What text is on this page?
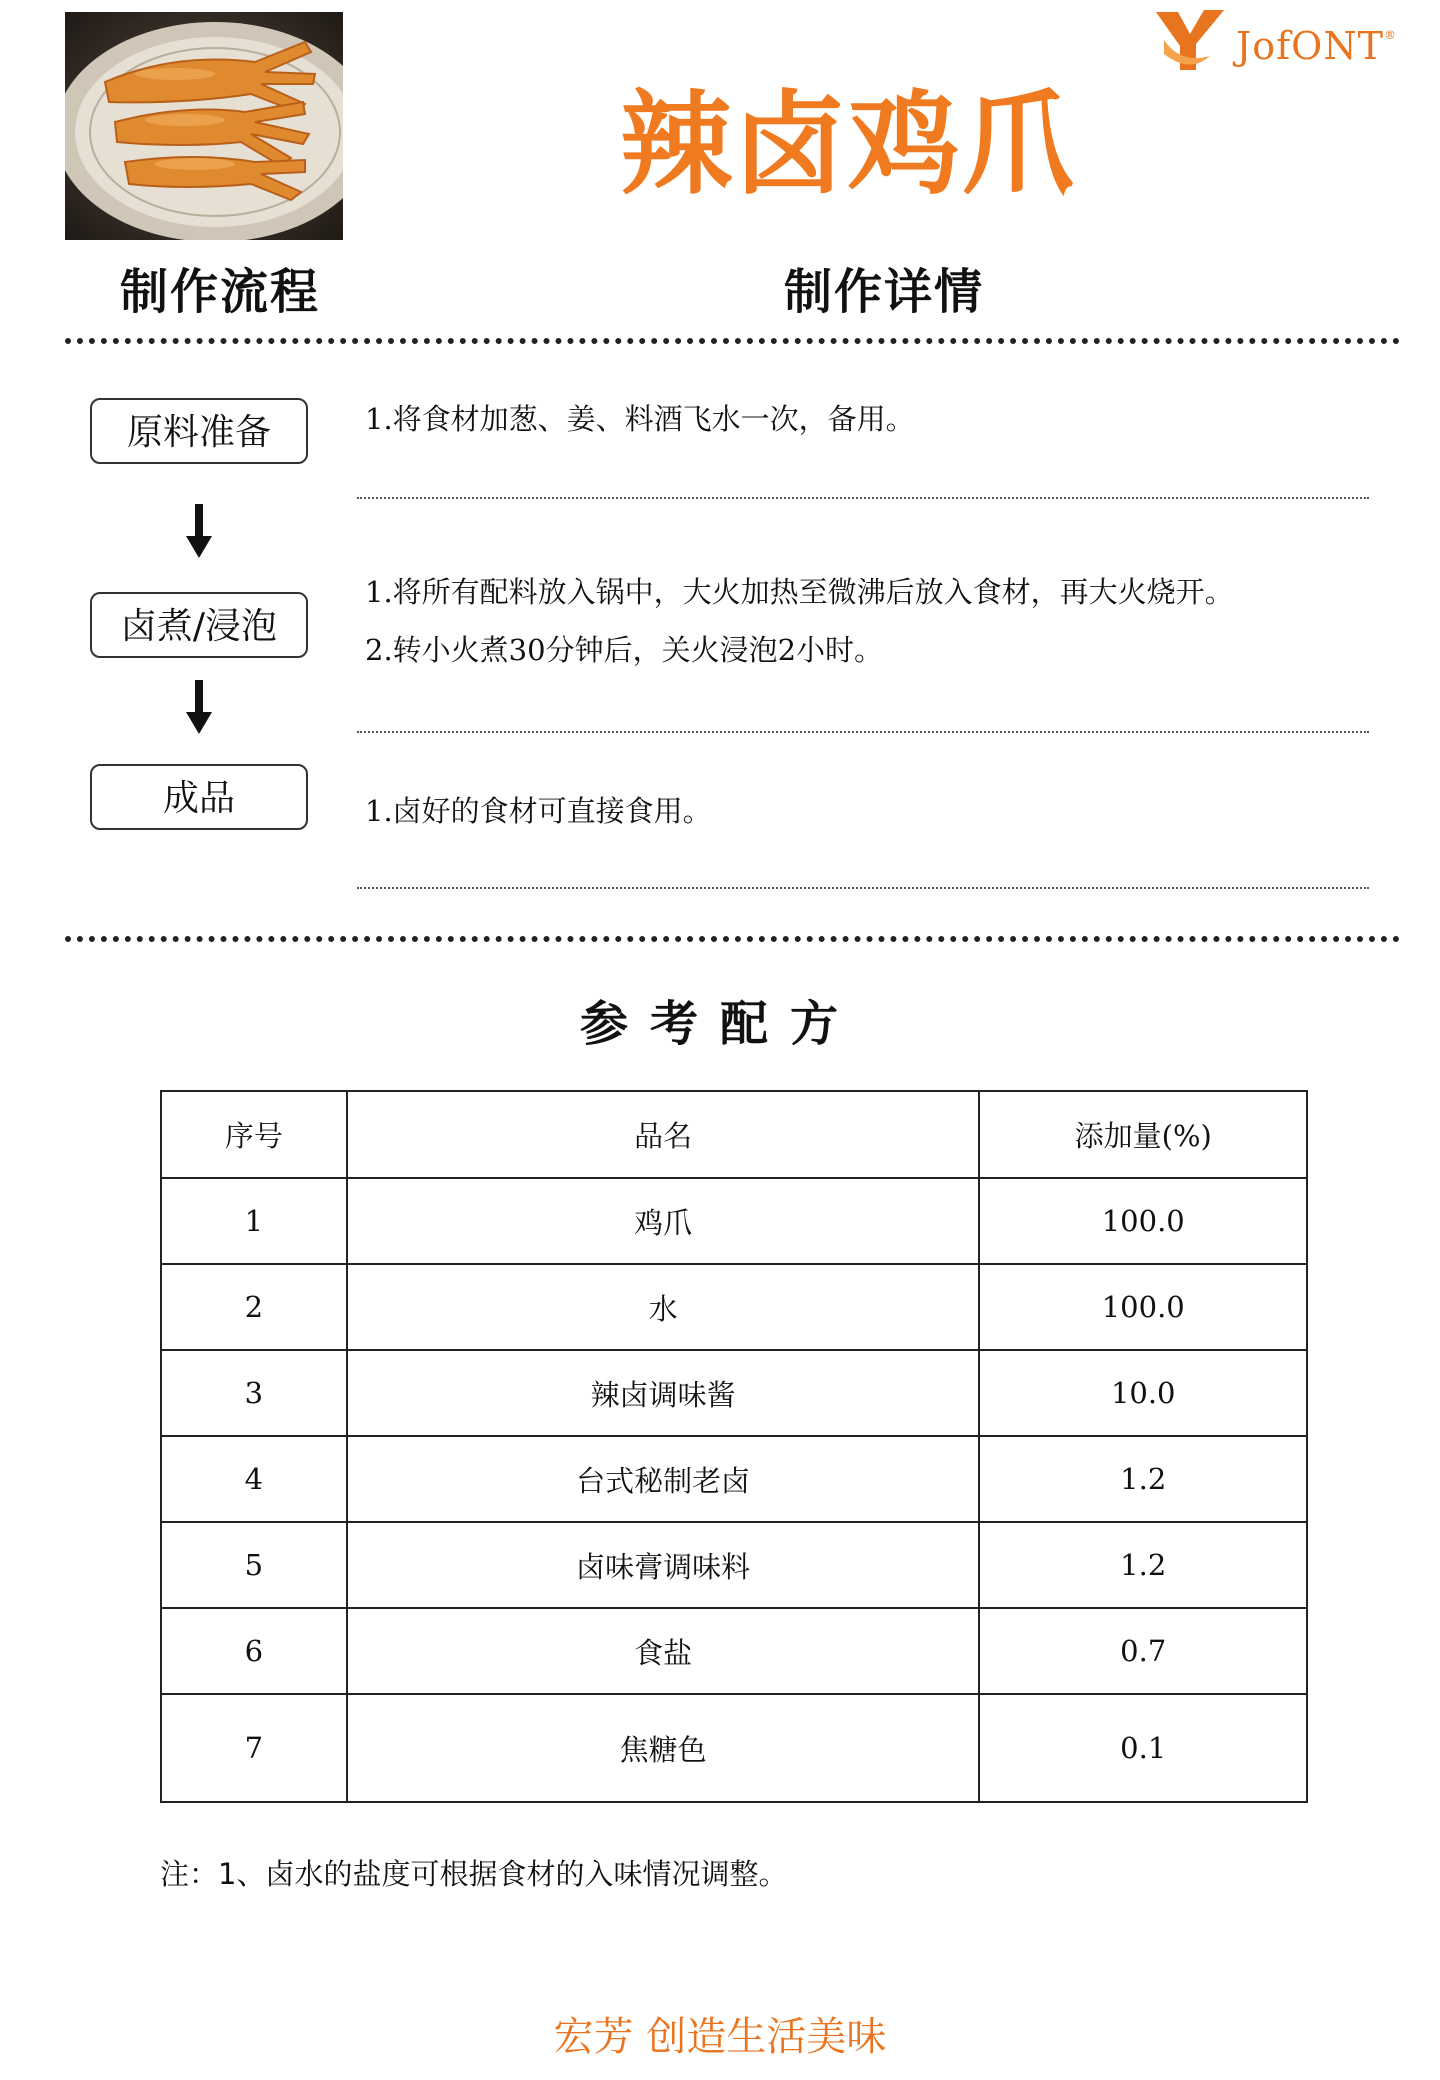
JofONT®
辣卤鸡爪
制作流程	制作详情
原料准备	1.将食材加葱、姜、料酒飞水一次，备用。
卤煮/浸泡
1.将所有配料放入锅中，大火加热至微沸后放入食材，再大火烧开。
2.转小火煮30分钟后，关火浸泡2小时。
成品	1.卤好的食材可直接食用。
参考配方
序号	品名	添加量(%)
1	鸡爪	100.0
2	水	100.0
3	辣卤调味酱	10.0
4	台式秘制老卤	1.2
5	卤味膏调味料	1.2
6	食盐	0.7
7	焦糖色	0.1
注：1、卤水的盐度可根据食材的入味情况调整。
宏芳 创造生活美味
